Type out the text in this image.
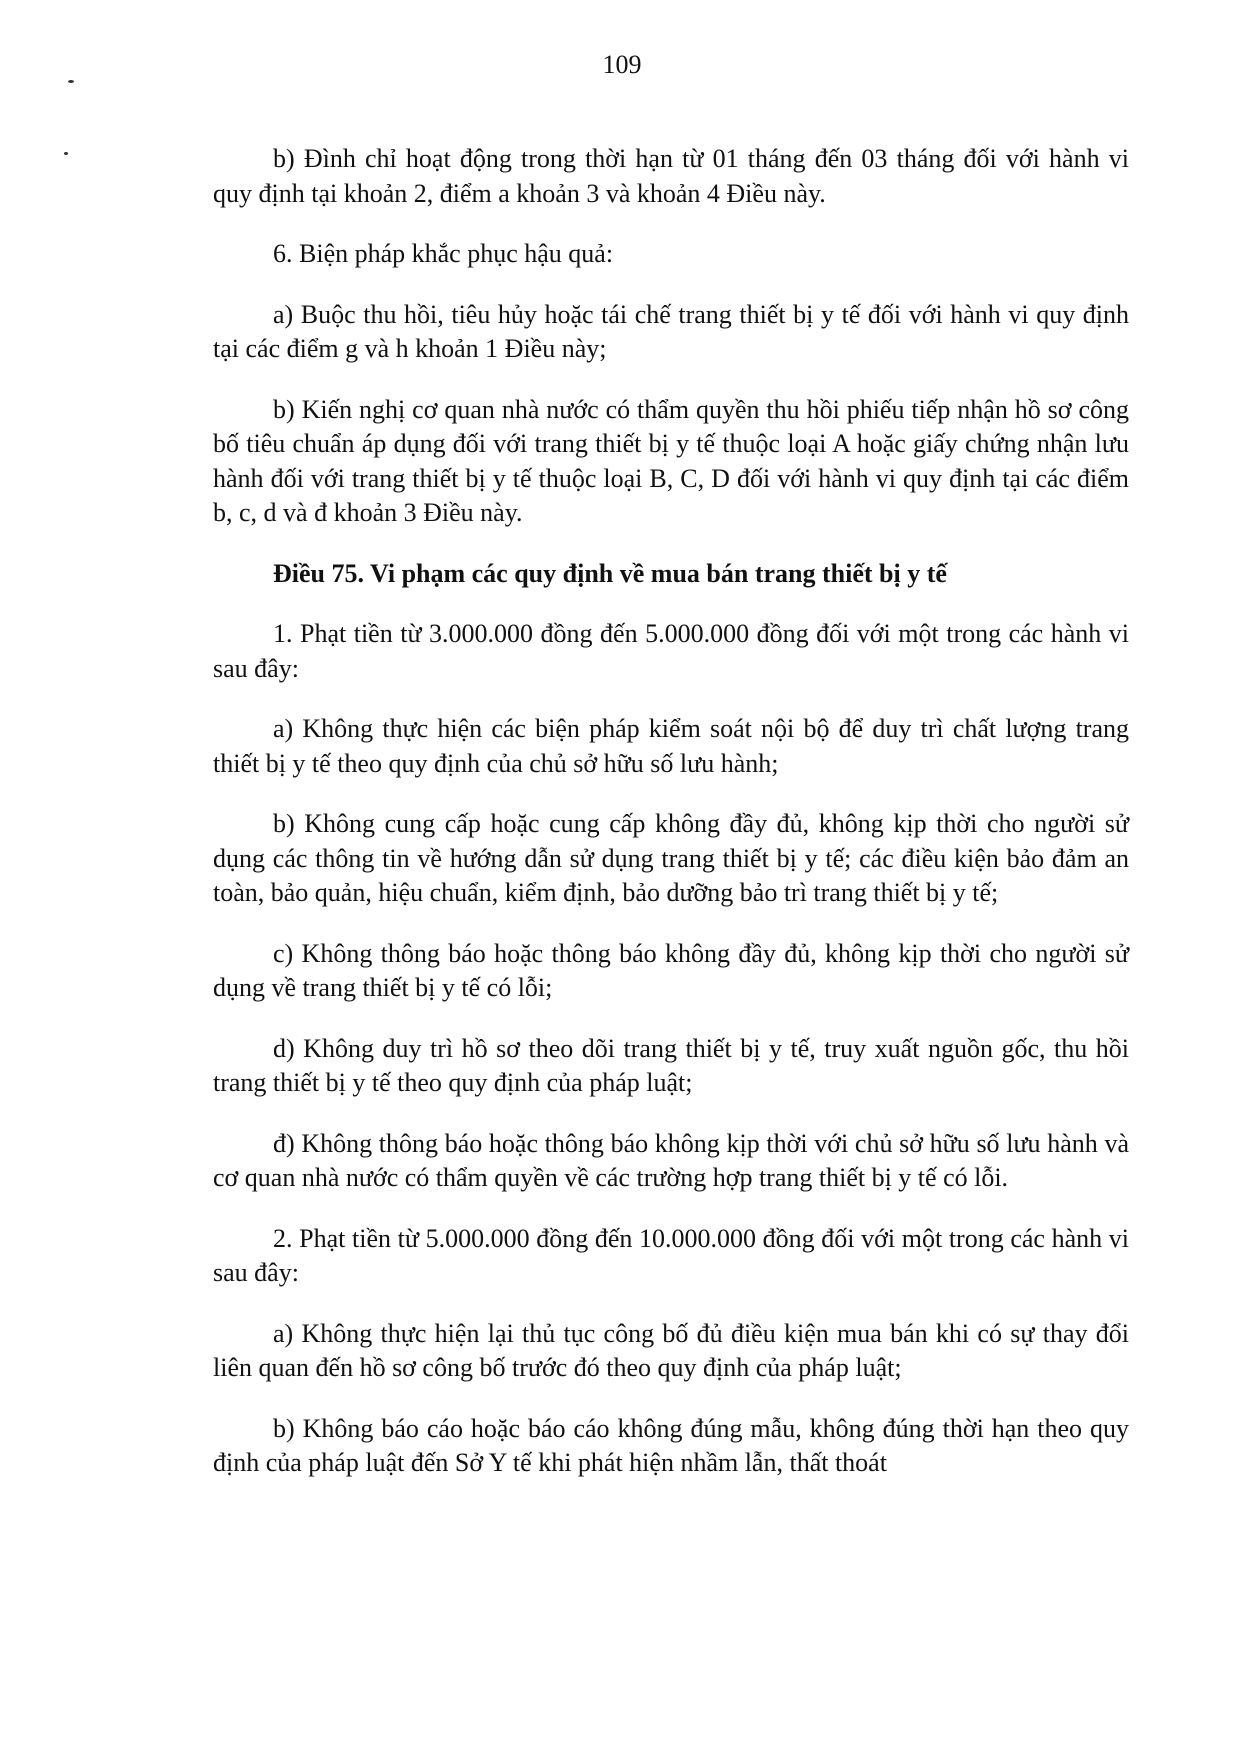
109

b) Đình chỉ hoạt động trong thời hạn từ 01 tháng đến 03 tháng đối với hành vi quy định tại khoản 2, điểm a khoản 3 và khoản 4 Điều này.

6. Biện pháp khắc phục hậu quả:

a) Buộc thu hồi, tiêu hủy hoặc tái chế trang thiết bị y tế đối với hành vi quy định tại các điểm g và h khoản 1 Điều này;

b) Kiến nghị cơ quan nhà nước có thẩm quyền thu hồi phiếu tiếp nhận hồ sơ công bố tiêu chuẩn áp dụng đối với trang thiết bị y tế thuộc loại A hoặc giấy chứng nhận lưu hành đối với trang thiết bị y tế thuộc loại B, C, D đối với hành vi quy định tại các điểm b, c, d và đ khoản 3 Điều này.

Điều 75. Vi phạm các quy định về mua bán trang thiết bị y tế

1. Phạt tiền từ 3.000.000 đồng đến 5.000.000 đồng đối với một trong các hành vi sau đây:

a) Không thực hiện các biện pháp kiểm soát nội bộ để duy trì chất lượng trang thiết bị y tế theo quy định của chủ sở hữu số lưu hành;

b) Không cung cấp hoặc cung cấp không đầy đủ, không kịp thời cho người sử dụng các thông tin về hướng dẫn sử dụng trang thiết bị y tế; các điều kiện bảo đảm an toàn, bảo quản, hiệu chuẩn, kiểm định, bảo dưỡng bảo trì trang thiết bị y tế;

c) Không thông báo hoặc thông báo không đầy đủ, không kịp thời cho người sử dụng về trang thiết bị y tế có lỗi;

d) Không duy trì hồ sơ theo dõi trang thiết bị y tế, truy xuất nguồn gốc, thu hồi trang thiết bị y tế theo quy định của pháp luật;

đ) Không thông báo hoặc thông báo không kịp thời với chủ sở hữu số lưu hành và cơ quan nhà nước có thẩm quyền về các trường hợp trang thiết bị y tế có lỗi.

2. Phạt tiền từ 5.000.000 đồng đến 10.000.000 đồng đối với một trong các hành vi sau đây:

a) Không thực hiện lại thủ tục công bố đủ điều kiện mua bán khi có sự thay đổi liên quan đến hồ sơ công bố trước đó theo quy định của pháp luật;

b) Không báo cáo hoặc báo cáo không đúng mẫu, không đúng thời hạn theo quy định của pháp luật đến Sở Y tế khi phát hiện nhầm lẫn, thất thoát
